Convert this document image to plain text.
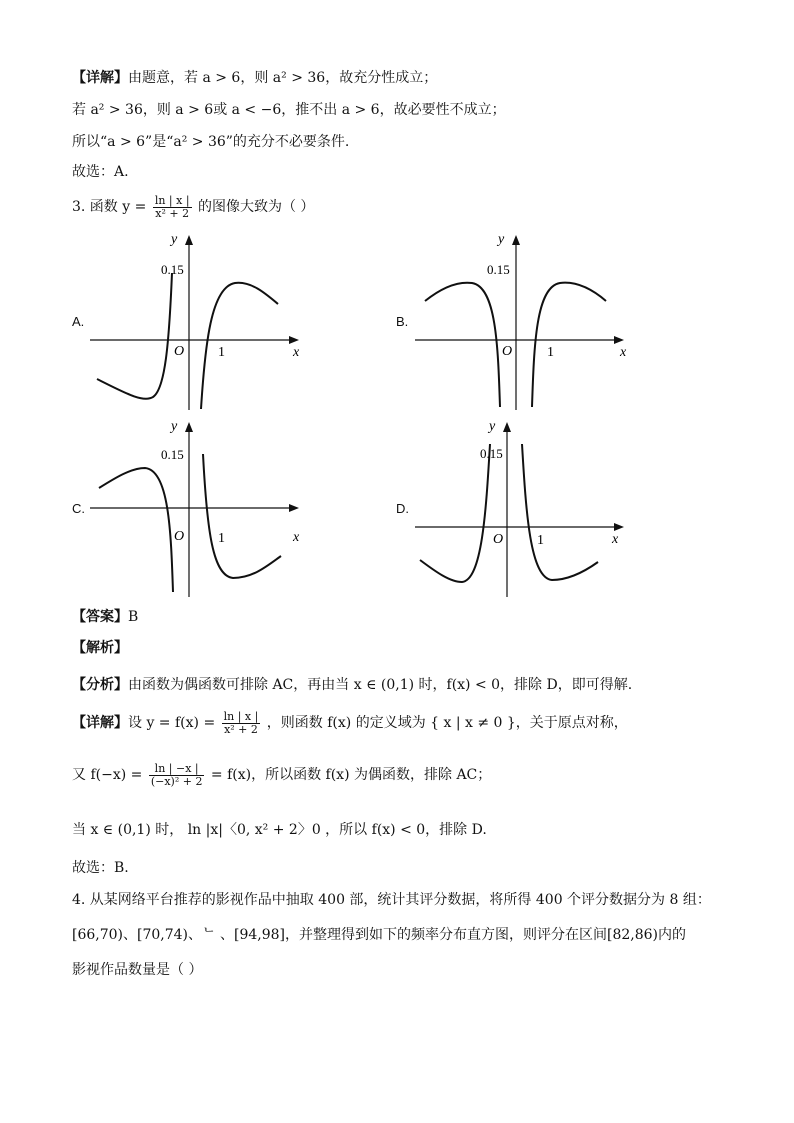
【详解】由题意，若 a > 6，则 a² > 36，故充分性成立；
若 a² > 36，则 a > 6或 a < −6，推不出 a > 6，故必要性不成立；
所以“a > 6”是“a² > 36”的充分不必要条件.
故选：A.
3. 函数 $y = \frac{\ln | x |}{\text{x² + 2}}$ 的图像大致为（ ）
A.	B.
C.	D.
y
x
O 1
0.15
y
x
O 1
0.15
y
x
O 1
0.15
y
x
O 1
0.15
【答案】B
【解析】
【分析】由函数为偶函数可排除 AC，再由当 x ∈ (0,1) 时，f(x) < 0，排除 D，即可得解.
【详解】设 $y = f(x) = \frac{\ln | x |}{\text{x² + 2}}$ ，则函数 f(x) 的定义域为 { x | x ≠ 0 }，关于原点对称，
又 $f(-x) = \frac{\ln | -x |}{\text{(−x)² + 2}} = f(x)$，所以函数 f(x) 为偶函数，排除 AC；
当 x ∈ (0,1) 时， ln |x|〈0, x² + 2〉0 ，所以 f(x) < 0，排除 D.
故选：B.
4. 从某网络平台推荐的影视作品中抽取 400 部，统计其评分数据，将所得 400 个评分数据分为 8 组：
[66,70)、[70,74)、ᄂ 、[94,98]，并整理得到如下的频率分布直方图，则评分在区间[82,86)内的
影视作品数量是（ ）
